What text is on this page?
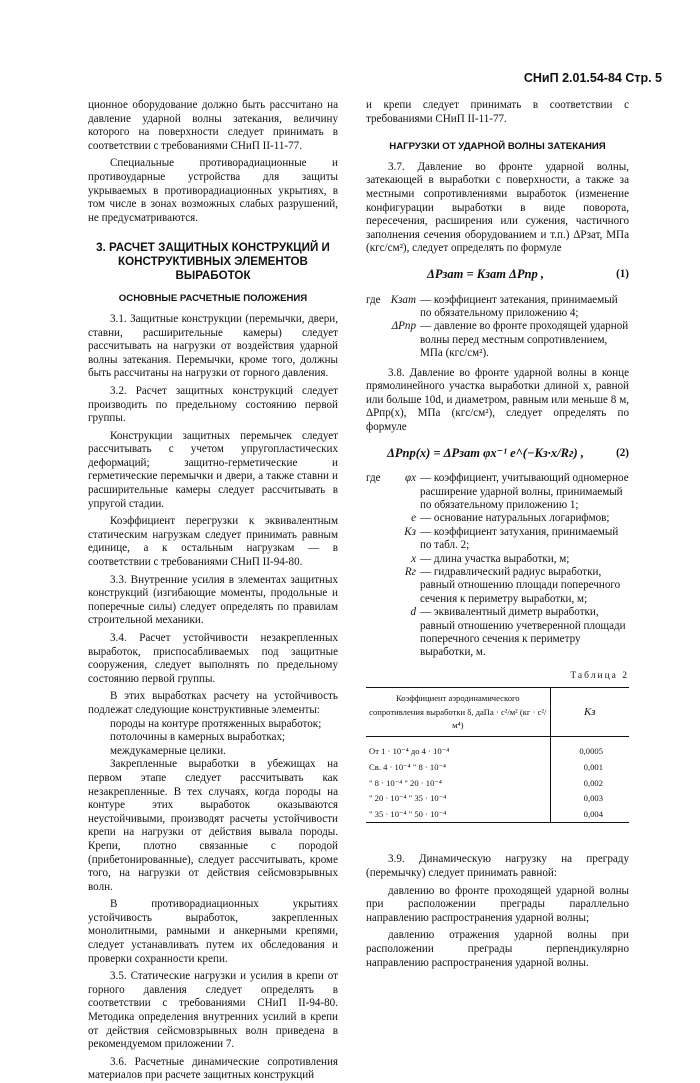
СНиП 2.01.54-84 Стр. 5

ционное оборудование должно быть рассчитано на давление ударной волны затекания, величину которого на поверхности следует принимать в соответствии с требованиями СНиП II-11-77.

Специальные противорадиационные и противоударные устройства для защиты укрываемых в противорадиационных укрытиях, в том числе в зонах возможных слабых разрушений, не предусматриваются.

3. РАСЧЕТ ЗАЩИТНЫХ КОНСТРУКЦИЙ И КОНСТРУКТИВНЫХ ЭЛЕМЕНТОВ ВЫРАБОТОК
ОСНОВНЫЕ РАСЧЕТНЫЕ ПОЛОЖЕНИЯ

3.1. Защитные конструкции (перемычки, двери, ставни, расширительные камеры) следует рассчитывать на нагрузки от воздействия ударной волны затекания. Перемычки, кроме того, должны быть рассчитаны на нагрузки от горного давления.

3.2. Расчет защитных конструкций следует производить по предельному состоянию первой группы.

Конструкции защитных перемычек следует рассчитывать с учетом упругопластических деформаций; защитно-герметические и герметические перемычки и двери, а также ставни и расширительные камеры следует рассчитывать в упругой стадии.

Коэффициент перегрузки к эквивалентным статическим нагрузкам следует принимать равным единице, а к остальным нагрузкам — в соответствии с требованиями СНиП II-94-80.

3.3. Внутренние усилия в элементах защитных конструкций (изгибающие моменты, продольные и поперечные силы) следует определять по правилам строительной механики.

3.4. Расчет устойчивости незакрепленных выработок, приспосабливаемых под защитные сооружения, следует выполнять по предельному состоянию первой группы.

В этих выработках расчету на устойчивость подлежат следующие конструктивные элементы:

породы на контуре протяженных выработок;

потолочины в камерных выработках;

междукамерные целики.

Закрепленные выработки в убежищах на первом этапе следует рассчитывать как незакрепленные. В тех случаях, когда породы на контуре этих выработок оказываются неустойчивыми, производят расчеты устойчивости крепи на нагрузки от действия вывала породы. Крепи, плотно связанные с породой (прибетонированные), следует рассчитывать, кроме того, на нагрузки от действия сейсмовзрывных волн.

В противорадиационных укрытиях устойчивость выработок, закрепленных монолитными, рамными и анкерными крепями, следует устанавливать путем их обследования и проверки сохранности крепи.

3.5. Статические нагрузки и усилия в крепи от горного давления следует определять в соответствии с требованиями СНиП II-94-80. Методика определения внутренних усилий в крепи от действия сейсмовзрывных волн приведена в рекомендуемом приложении 7.

3.6. Расчетные динамические сопротивления материалов при расчете защитных конструкций

и крепи следует принимать в соответствии с требованиями СНиП II-11-77.

НАГРУЗКИ ОТ УДАРНОЙ ВОЛНЫ ЗАТЕКАНИЯ

3.7. Давление во фронте ударной волны, затекающей в выработки с поверхности, а также за местными сопротивлениями выработок (изменение конфигурации выработки в виде поворота, пересечения, расширения или сужения, частичного заполнения сечения оборудованием и т.п.) ΔPзат, МПа (кгс/см²), следует определять по формуле

ΔPзат = Kзат ΔPпр ,	(1)
где Kзат — коэффициент затекания, принимаемый по обязательному приложению 4;
ΔPпр — давление во фронте проходящей ударной волны перед местным сопротивлением, МПа (кгс/см²).

3.8. Давление во фронте ударной волны в конце прямолинейного участка выработки длиной x, равной или больше 10d, и диаметром, равным или меньше 8 м, ΔPпр(x), МПа (кгс/см²), следует определять по формуле

ΔPпр(x) = ΔPзат φx⁻¹ e^(−Kз·x/Rг) ,	(2)
где	φx — коэффициент, учитывающий одномерное расширение ударной волны, принимаемый по обязательному приложению 1;
e — основание натуральных логарифмов;
Kз — коэффициент затухания, принимаемый по табл. 2;
x — длина участка выработки, м;
Rг — гидравлический радиус выработки, равный отношению площади поперечного сечения к периметру выработки, м;
d — эквивалентный диметр выработки, равный отношению учетверенной площади поперечного сечения к периметру выработки, м.
Таблица 2
Коэффициент аэродинамического сопротивления выработки δ, даПа · с²/м² (кг · с²/м⁴)	Kз
От 1 · 10⁻⁴ до 4 · 10⁻⁴	0,0005
Св. 4 · 10⁻⁴ " 8 · 10⁻⁴	0,001
" 8 · 10⁻⁴ " 20 · 10⁻⁴	0,002
" 20 · 10⁻⁴ " 35 · 10⁻⁴	0,003
" 35 · 10⁻⁴ " 50 · 10⁻⁴	0,004

3.9. Динамическую нагрузку на преграду (перемычку) следует принимать равной:

давлению во фронте проходящей ударной волны при расположении преграды параллельно направлению распространения ударной волны;

давлению отражения ударной волны при расположении преграды перпендикулярно направлению распространения ударной волны.
